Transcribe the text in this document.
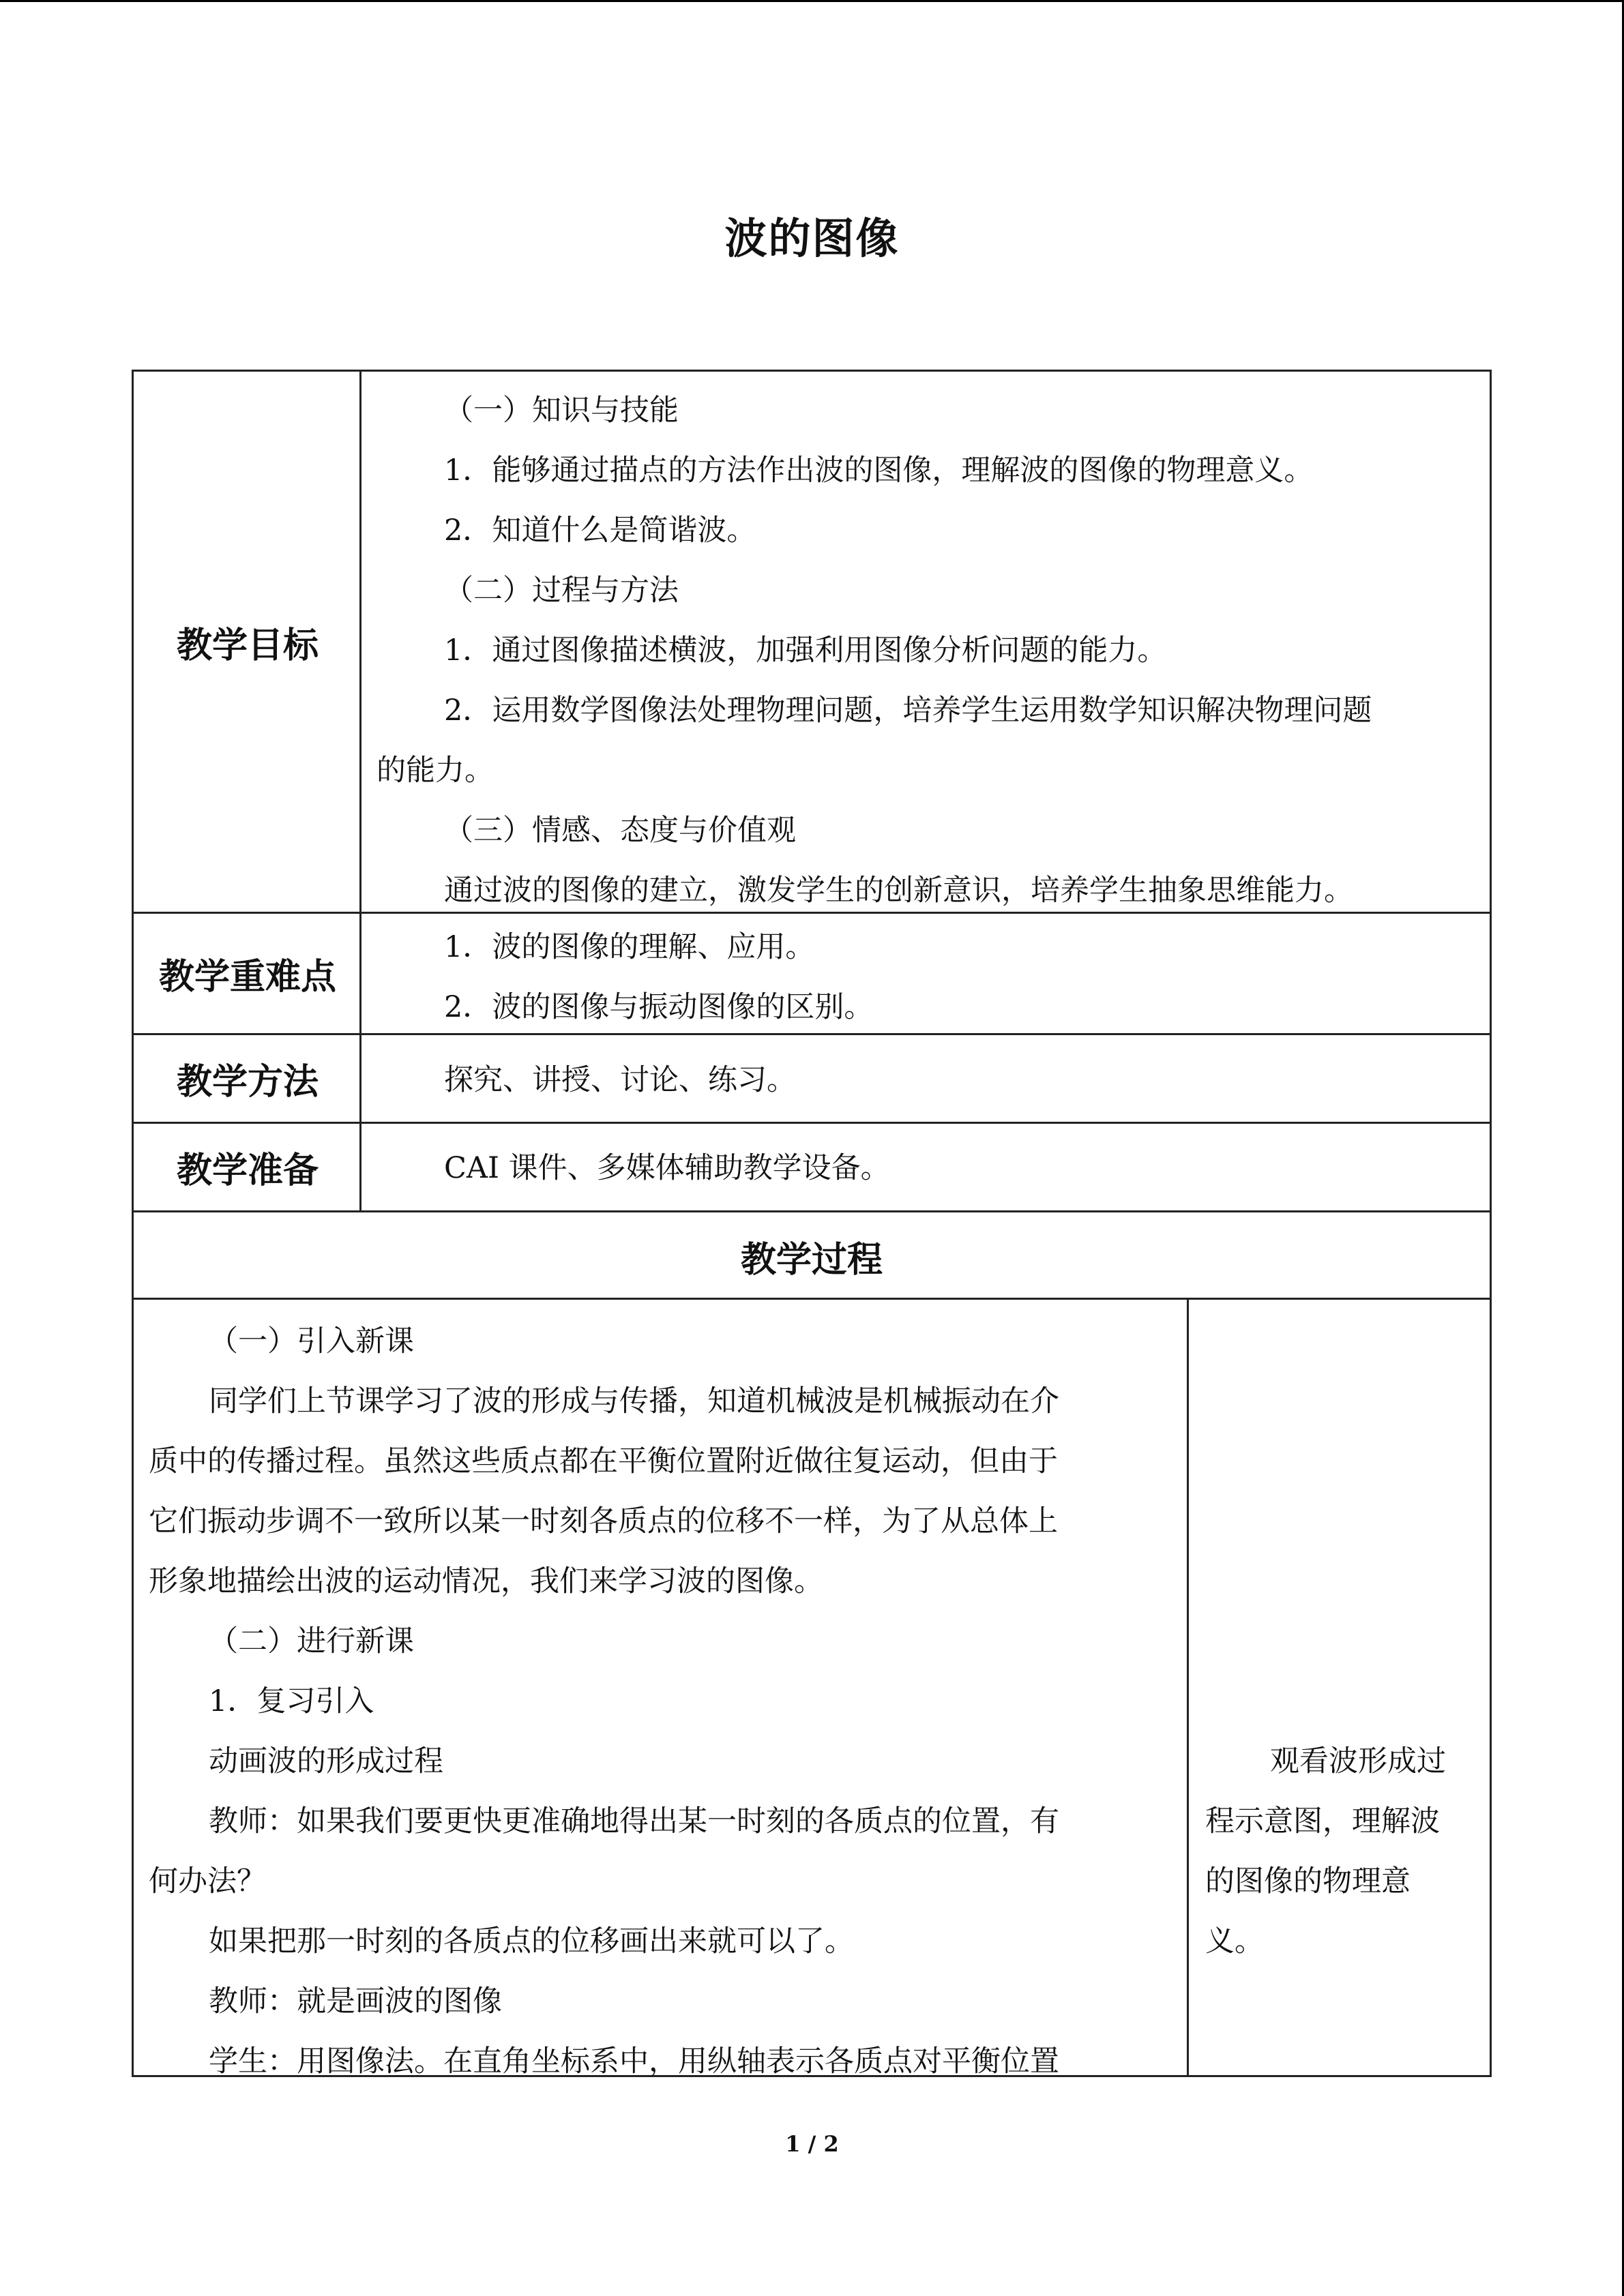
波的图像
教学目标
（一）知识与技能
1．能够通过描点的方法作出波的图像，理解波的图像的物理意义。
2．知道什么是简谐波。
（二）过程与方法
1．通过图像描述横波，加强利用图像分析问题的能力。
2．运用数学图像法处理物理问题，培养学生运用数学知识解决物理问题
的能力。
（三）情感、态度与价值观
通过波的图像的建立，激发学生的创新意识，培养学生抽象思维能力。
教学重难点
1．波的图像的理解、应用。
2．波的图像与振动图像的区别。
教学方法	探究、讲授、讨论、练习。
教学准备	CAI 课件、多媒体辅助教学设备。
教学过程
（一）引入新课
同学们上节课学习了波的形成与传播，知道机械波是机械振动在介
质中的传播过程。虽然这些质点都在平衡位置附近做往复运动，但由于
它们振动步调不一致所以某一时刻各质点的位移不一样，为了从总体上
形象地描绘出波的运动情况，我们来学习波的图像。
（二）进行新课
1．复习引入
动画波的形成过程
教师：如果我们要更快更准确地得出某一时刻的各质点的位置，有
何办法？
如果把那一时刻的各质点的位移画出来就可以了。
教师：就是画波的图像
学生：用图像法。在直角坐标系中，用纵轴表示各质点对平衡位置
观看波形成过
程示意图，理解波
的图像的物理意
义。
1 / 2
